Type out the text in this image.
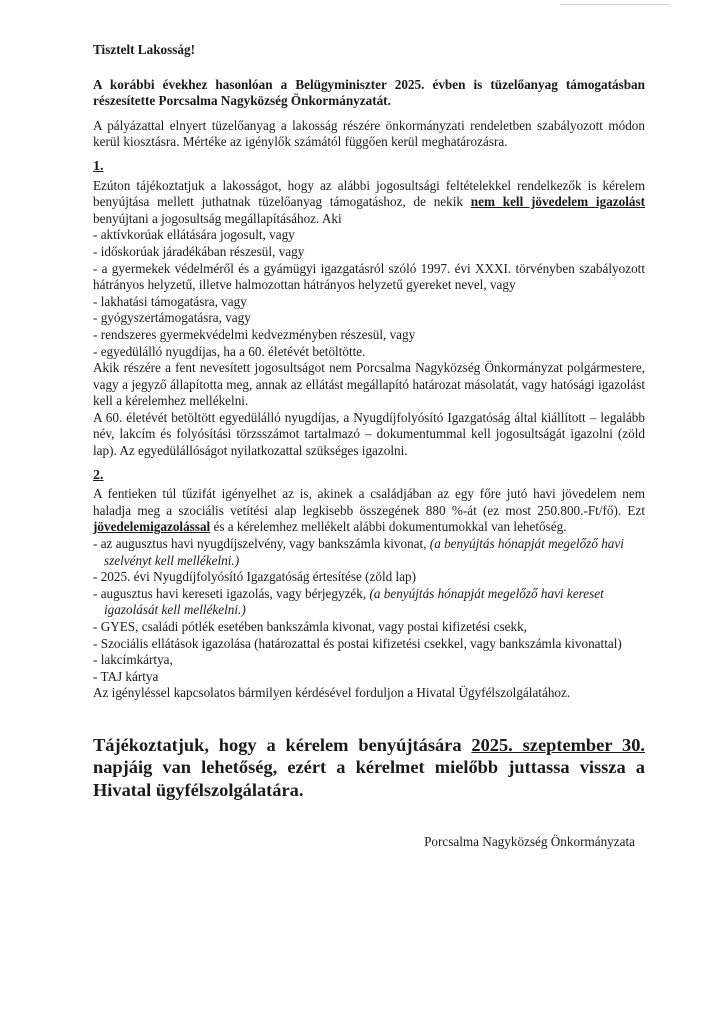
Tisztelt Lakosság!

A korábbi évekhez hasonlóan a Belügyminiszter 2025. évben is tüzelőanyag támogatásban részesítette Porcsalma Nagyközség Önkormányzatát.

A pályázattal elnyert tüzelőanyag a lakosság részére önkormányzati rendeletben szabályozott módon kerül kiosztásra. Mértéke az igénylők számától függően kerül meghatározásra.

1.

Ezúton tájékoztatjuk a lakosságot, hogy az alábbi jogosultsági feltételekkel rendelkezők is kérelem benyújtása mellett juthatnak tüzelőanyag támogatáshoz, de nekik nem kell jövedelem igazolást benyújtani a jogosultság megállapításához. Aki

- aktívkorúak ellátására jogosult, vagy
- időskorúak járadékában részesül, vagy
- a gyermekek védelméről és a gyámügyi igazgatásról szóló 1997. évi XXXI. törvényben szabályozott hátrányos helyzetű, illetve halmozottan hátrányos helyzetű gyereket nevel, vagy
- lakhatási támogatásra, vagy
- gyógyszertámogatásra, vagy
- rendszeres gyermekvédelmi kedvezményben részesül, vagy
- egyedülálló nyugdíjas, ha a 60. életévét betöltötte.

Akik részére a fent nevesített jogosultságot nem Porcsalma Nagyközség Önkormányzat polgármestere, vagy a jegyző állapította meg, annak az ellátást megállapító határozat másolatát, vagy hatósági igazolást kell a kérelemhez mellékelni.

A 60. életévét betöltött egyedülálló nyugdíjas, a Nyugdíjfolyósító Igazgatóság által kiállított – legalább név, lakcím és folyósítási törzsszámot tartalmazó – dokumentummal kell jogosultságát igazolni (zöld lap). Az egyedülállóságot nyilatkozattal szükséges igazolni.

2.

A fentieken túl tűzifát igényelhet az is, akinek a családjában az egy főre jutó havi jövedelem nem haladja meg a szociális vetítési alap legkisebb összegének 880 %-át (ez most 250.800.-Ft/fő). Ezt jövedelemigazolással és a kérelemhez mellékelt alábbi dokumentumokkal van lehetőség.

- az augusztus havi nyugdíjszelvény, vagy bankszámla kivonat, (a benyújtás hónapját megelőző havi szelvényt kell mellékelni.)
- 2025. évi Nyugdíjfolyósító Igazgatóság értesítése (zöld lap)
- augusztus havi kereseti igazolás, vagy bérjegyzék, (a benyújtás hónapját megelőző havi kereset igazolását kell mellékelni.)
- GYES, családi pótlék esetében bankszámla kivonat, vagy postai kifizetési csekk,
- Szociális ellátások igazolása (határozattal és postai kifizetési csekkel, vagy bankszámla kivonattal)
- lakcímkártya,
- TAJ kártya

Az igényléssel kapcsolatos bármilyen kérdésével forduljon a Hivatal Ügyfélszolgálatához.

Tájékoztatjuk, hogy a kérelem benyújtására 2025. szeptember 30. napjáig van lehetőség, ezért a kérelmet mielőbb juttassa vissza a Hivatal ügyfélszolgálatára.

Porcsalma Nagyközség Önkormányzata
